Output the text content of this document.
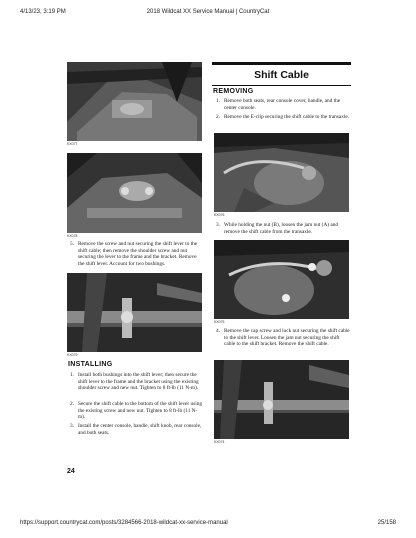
4/13/23, 3:19 PM	2018 Wildcat XX Service Manual | CountryCat
KX077
KX078
5. Remove the screw and nut securing the shift lever to the shift cable; then remove the shoulder screw and nut securing the lever to the frame and the bracket. Remove the shift lever. Account for two bushings.
KX079
INSTALLING
1. Install both bushings into the shift lever; then secure the shift lever to the frame and the bracket using the existing shoulder screw and new nut. Tighten to 8 ft-lb (11 N-m).
2. Secure the shift cable to the bottom of the shift lever using the existing screw and new nut. Tighten to 8 ft-lb (11 N-m).
3. Install the center console, handle, shift knob, rear console, and both seats.
24
Shift Cable
REMOVING
1. Remove both seats, rear console cover, handle, and the center console.
2. Remove the E-clip securing the shift cable to the transaxle.
KX076
3. While holding the nut (B), loosen the jam nut (A) and remove the shift cable from the transaxle.
KX075
4. Remove the cap screw and lock nut securing the shift cable to the shift lever. Loosen the jam nut securing the shift cable to the shift bracket. Remove the shift cable.
KX074
https://support.countrycat.com/posts/3284566-2018-wildcat-xx-service-manual	25/158
